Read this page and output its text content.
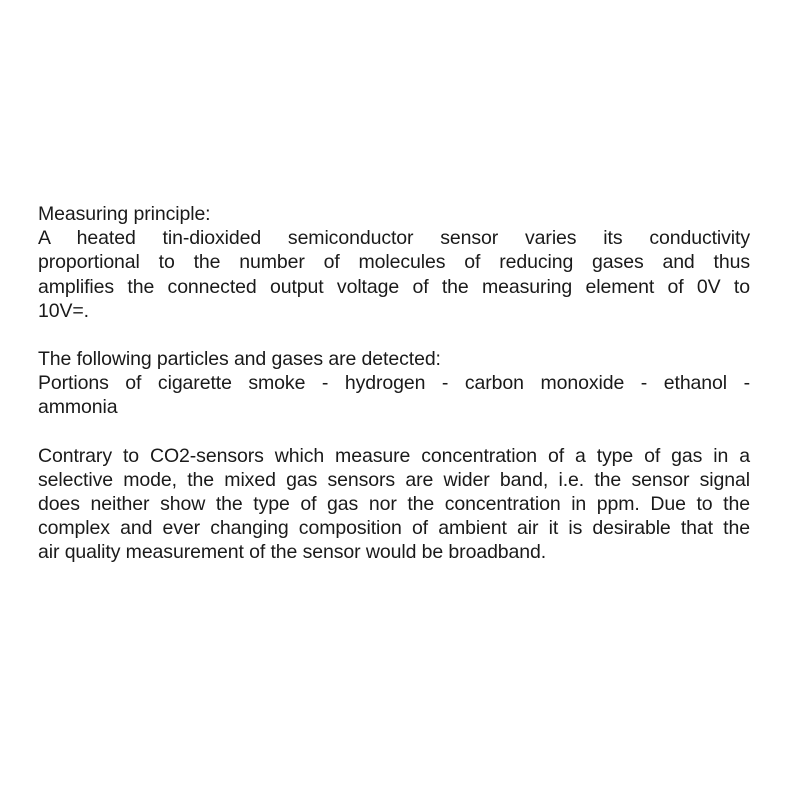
Measuring principle:
A heated tin-dioxided semiconductor sensor varies its conductivity
proportional to the number of molecules of reducing gases and thus
amplifies the connected output voltage of the measuring element of 0V to
10V=.
The following particles and gases are detected:
Portions of cigarette smoke - hydrogen - carbon monoxide - ethanol -
ammonia
Contrary to CO2-sensors which measure concentration of a type of gas in a
selective mode, the mixed gas sensors are wider band, i.e. the sensor signal
does neither show the type of gas nor the concentration in ppm. Due to the
complex and ever changing composition of ambient air it is desirable that the
air quality measurement of the sensor would be broadband.
